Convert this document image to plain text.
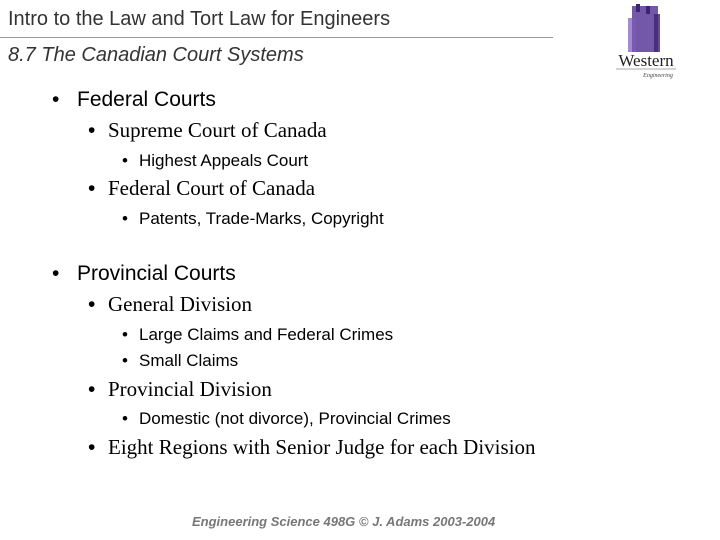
Intro to the Law and Tort Law for Engineers
8.7 The Canadian Court Systems	Western
Engineering
• Federal Courts
• Supreme Court of Canada
• Highest Appeals Court
• Federal Court of Canada
• Patents, Trade-Marks, Copyright
• Provincial Courts
• General Division
• Large Claims and Federal Crimes
• Small Claims
• Provincial Division
• Domestic (not divorce), Provincial Crimes
• Eight Regions with Senior Judge for each Division
Engineering Science 498G © J. Adams 2003-2004
